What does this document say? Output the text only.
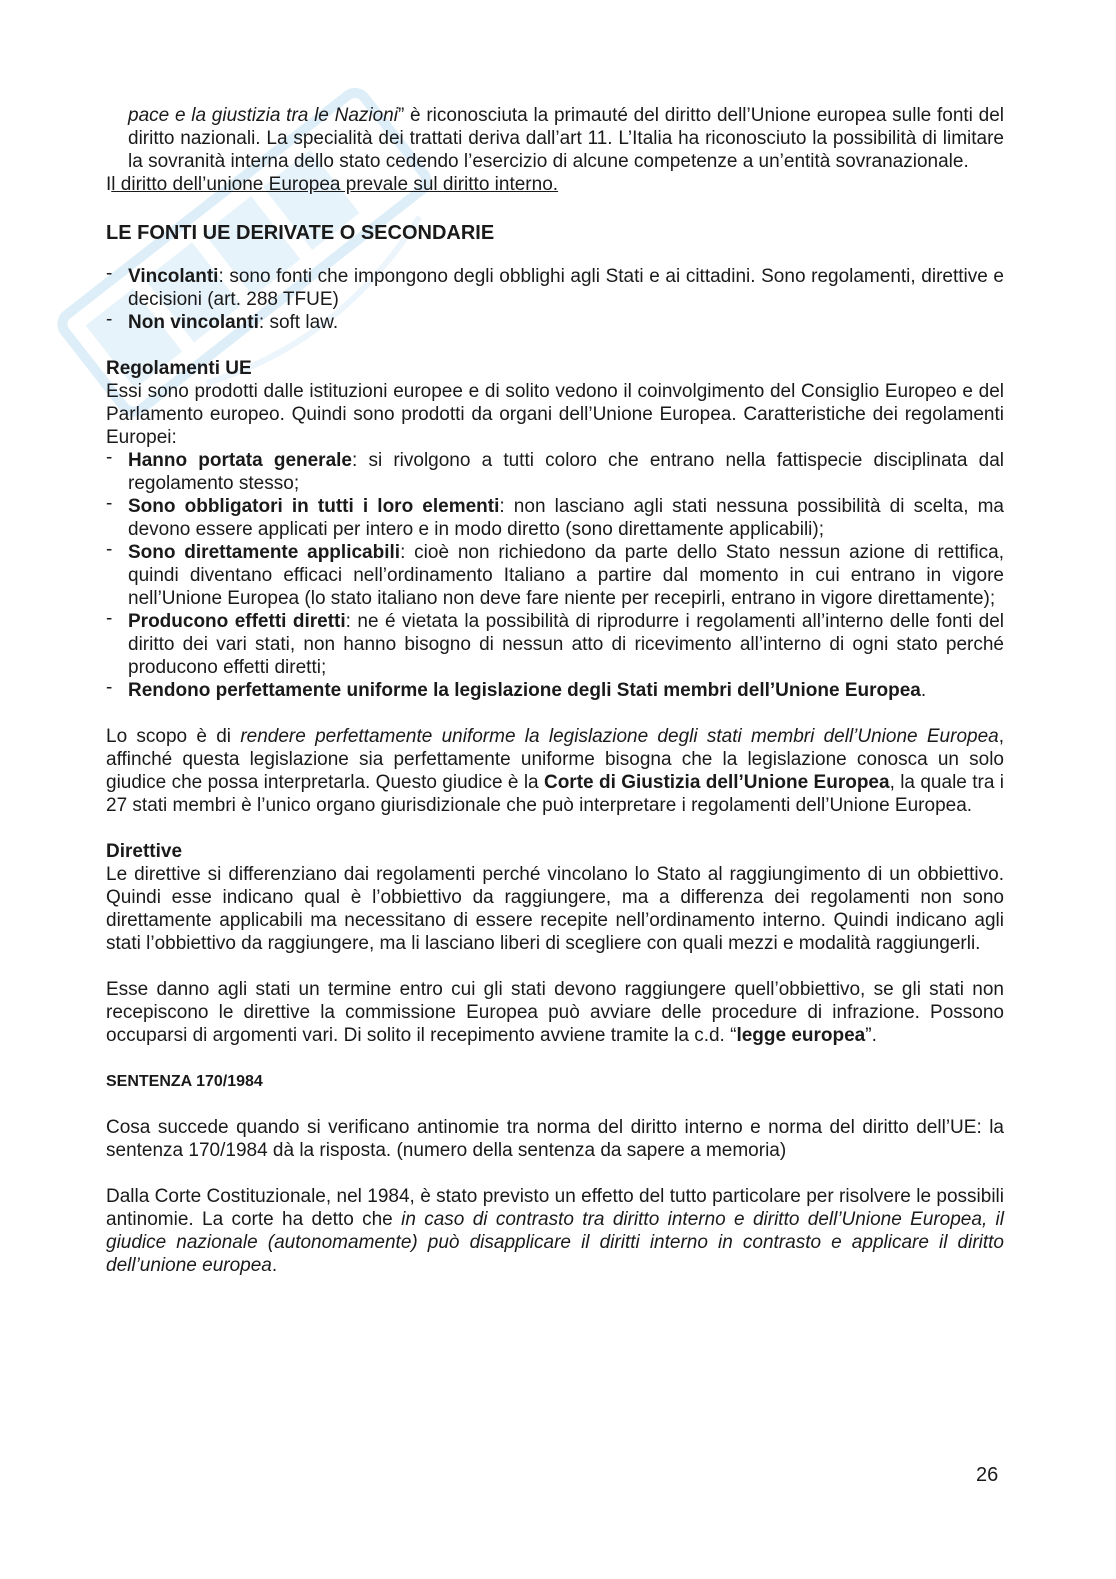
pace e la giustizia tra le Nazioni” è riconosciuta la primauté del diritto dell’Unione europea sulle fonti del diritto nazionali. La specialità dei trattati deriva dall’art 11. L’Italia ha riconosciuto la possibilità di limitare la sovranità interna dello stato cedendo l’esercizio di alcune competenze a un’entità sovranazionale.

Il diritto dell’unione Europea prevale sul diritto interno.

LE FONTI UE DERIVATE O SECONDARIE
- Vincolanti: sono fonti che impongono degli obblighi agli Stati e ai cittadini. Sono regolamenti, direttive e decisioni (art. 288 TFUE)
- Non vincolanti: soft law.
Regolamenti UE

Essi sono prodotti dalle istituzioni europee e di solito vedono il coinvolgimento del Consiglio Europeo e del Parlamento europeo. Quindi sono prodotti da organi dell’Unione Europea. Caratteristiche dei regolamenti Europei:

- Hanno portata generale: si rivolgono a tutti coloro che entrano nella fattispecie disciplinata dal regolamento stesso;
- Sono obbligatori in tutti i loro elementi: non lasciano agli stati nessuna possibilità di scelta, ma devono essere applicati per intero e in modo diretto (sono direttamente applicabili);
- Sono direttamente applicabili: cioè non richiedono da parte dello Stato nessun azione di rettifica, quindi diventano efficaci nell’ordinamento Italiano a partire dal momento in cui entrano in vigore nell’Unione Europea (lo stato italiano non deve fare niente per recepirli, entrano in vigore direttamente);
- Producono effetti diretti: ne é vietata la possibilità di riprodurre i regolamenti all’interno delle fonti del diritto dei vari stati, non hanno bisogno di nessun atto di ricevimento all’interno di ogni stato perché producono effetti diretti;
- Rendono perfettamente uniforme la legislazione degli Stati membri dell’Unione Europea.

Lo scopo è di rendere perfettamente uniforme la legislazione degli stati membri dell’Unione Europea, affinché questa legislazione sia perfettamente uniforme bisogna che la legislazione conosca un solo giudice che possa interpretarla. Questo giudice è la Corte di Giustizia dell’Unione Europea, la quale tra i 27 stati membri è l’unico organo giurisdizionale che può interpretare i regolamenti dell’Unione Europea.

Direttive

Le direttive si differenziano dai regolamenti perché vincolano lo Stato al raggiungimento di un obbiettivo. Quindi esse indicano qual è l’obbiettivo da raggiungere, ma a differenza dei regolamenti non sono direttamente applicabili ma necessitano di essere recepite nell’ordinamento interno. Quindi indicano agli stati l’obbiettivo da raggiungere, ma li lasciano liberi di scegliere con quali mezzi e modalità raggiungerli.

Esse danno agli stati un termine entro cui gli stati devono raggiungere quell’obbiettivo, se gli stati non recepiscono le direttive la commissione Europea può avviare delle procedure di infrazione. Possono occuparsi di argomenti vari. Di solito il recepimento avviene tramite la c.d. “legge europea”.

SENTENZA 170/1984

Cosa succede quando si verificano antinomie tra norma del diritto interno e norma del diritto dell’UE: la sentenza 170/1984 dà la risposta. (numero della sentenza da sapere a memoria)

Dalla Corte Costituzionale, nel 1984, è stato previsto un effetto del tutto particolare per risolvere le possibili antinomie. La corte ha detto che in caso di contrasto tra diritto interno e diritto dell’Unione Europea, il giudice nazionale (autonomamente) può disapplicare il diritti interno in contrasto e applicare il diritto dell’unione europea.

26
